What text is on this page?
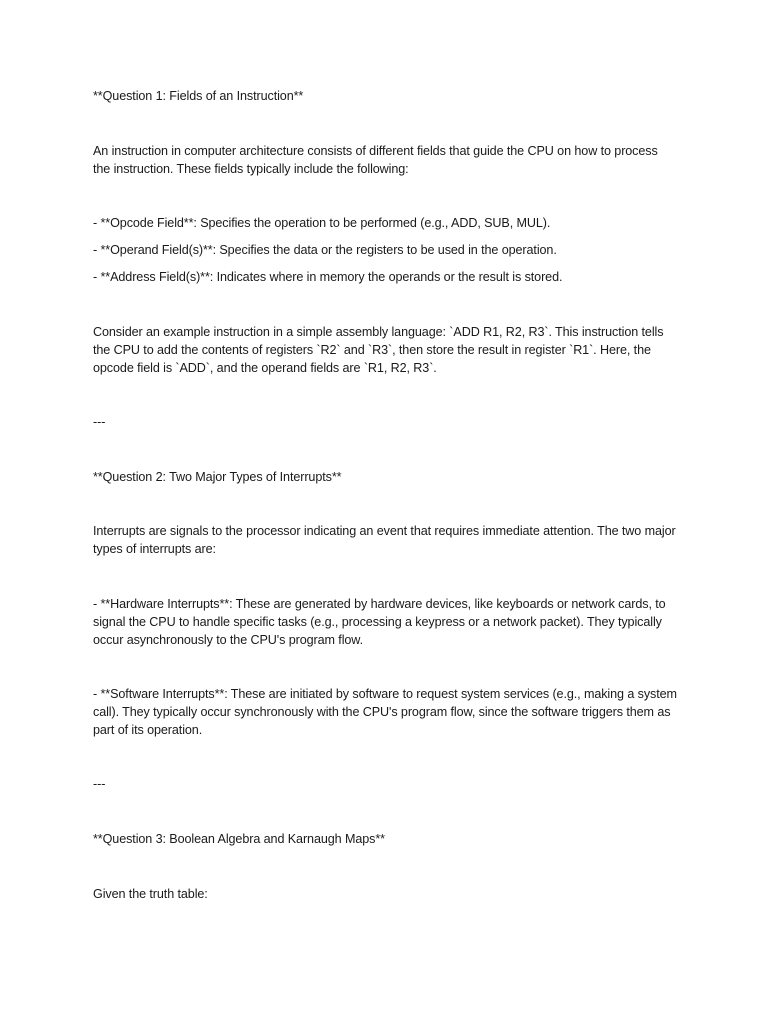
**Question 1: Fields of an Instruction**

An instruction in computer architecture consists of different fields that guide the CPU on how to process the instruction. These fields typically include the following:

- **Opcode Field**: Specifies the operation to be performed (e.g., ADD, SUB, MUL).

- **Operand Field(s)**: Specifies the data or the registers to be used in the operation.

- **Address Field(s)**: Indicates where in memory the operands or the result is stored.

Consider an example instruction in a simple assembly language: `ADD R1, R2, R3`. This instruction tells the CPU to add the contents of registers `R2` and `R3`, then store the result in register `R1`. Here, the opcode field is `ADD`, and the operand fields are `R1, R2, R3`.

---

**Question 2: Two Major Types of Interrupts**

Interrupts are signals to the processor indicating an event that requires immediate attention. The two major types of interrupts are:

- **Hardware Interrupts**: These are generated by hardware devices, like keyboards or network cards, to signal the CPU to handle specific tasks (e.g., processing a keypress or a network packet). They typically occur asynchronously to the CPU's program flow.

- **Software Interrupts**: These are initiated by software to request system services (e.g., making a system call). They typically occur synchronously with the CPU's program flow, since the software triggers them as part of its operation.

---

**Question 3: Boolean Algebra and Karnaugh Maps**

Given the truth table:
